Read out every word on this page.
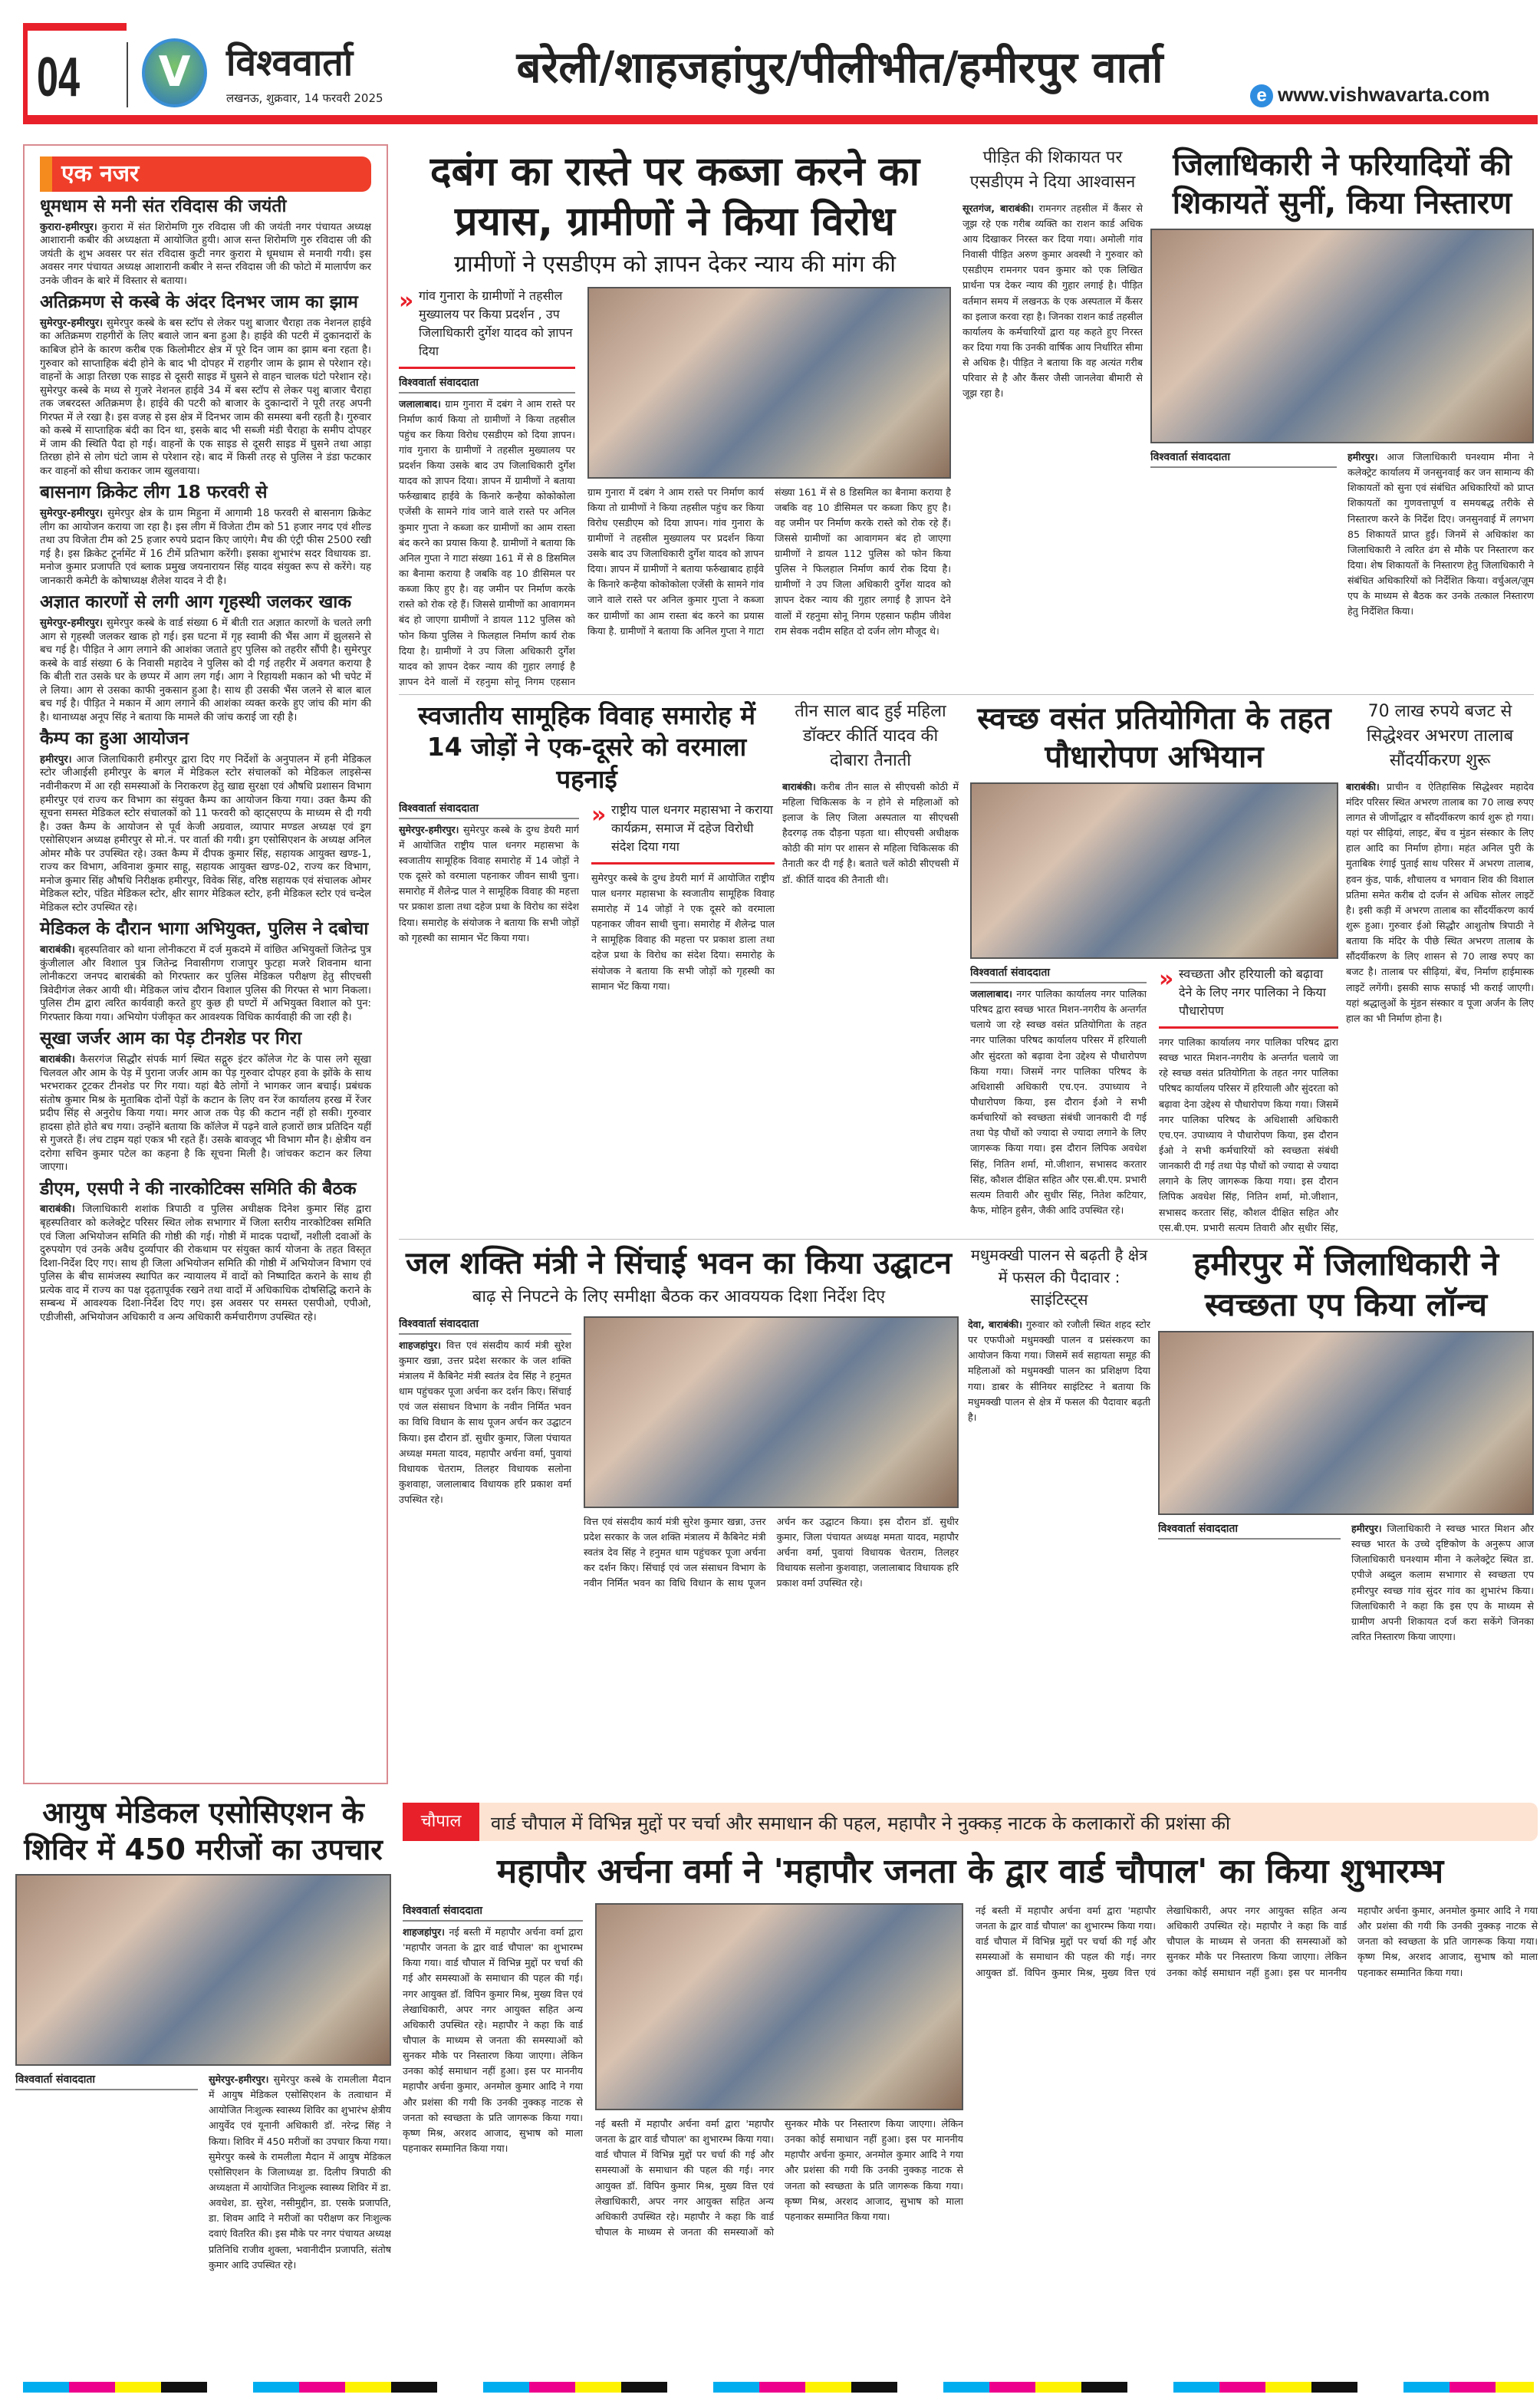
04	V विश्ववार्ता
लखनऊ, शुक्रवार, 14 फरवरी 2025
बरेली/शाहजहांपुर/पीलीभीत/हमीरपुर वार्ता
e www.vishwavarta.com
एक नजर
धूमधाम से मनी संत रविदास की जयंती

कुरारा-हमीरपुर। कुरारा में संत शिरोमणि गुरु रविदास जी की जयंती नगर पंचायत अध्यक्ष आशारानी कबीर की अध्यक्षता में आयोजित हुयी। आज सन्त शिरोमणि गुरु रविदास जी की जयंती के शुभ अवसर पर संत रविदास कुटी नगर कुरारा मे धूमधाम से मनायी गयी। इस अवसर नगर पंचायत अध्यक्ष आशारानी कबीर ने सन्त रविदास जी की फोटो में मालार्पण कर उनके जीवन के बारे में विस्तार से बताया।

अतिक्रमण से कस्बे के अंदर दिनभर जाम का झाम

सुमेरपुर-हमीरपुर। सुमेरपुर कस्बे के बस स्टॉप से लेकर पशु बाजार चैराहा तक नेशनल हाईवे का अतिक्रमण राहगीरों के लिए बवाले जान बना हुआ है। हाईवे की पटरी में दुकानदारों के काबिज होने के कारण करीब एक किलोमीटर क्षेत्र में पूरे दिन जाम का झाम बना रहता है। गुरुवार को साप्ताहिक बंदी होने के बाद भी दोपहर में राहगीर जाम के झाम से परेशान रहे। वाहनों के आड़ा तिरछा एक साइड से दूसरी साइड में घुसने से वाहन चालक घंटो परेशान रहे। सुमेरपुर कस्बे के मध्य से गुजरे नेशनल हाईवे 34 में बस स्टॉप से लेकर पशु बाजार चैराहा तक जबरदस्त अतिक्रमण है। हाईवे की पटरी को बाजार के दुकान्दारों ने पूरी तरह अपनी गिरफ्त में ले रखा है। इस वजह से इस क्षेत्र में दिनभर जाम की समस्या बनी रहती है। गुरुवार को कस्बे में साप्ताहिक बंदी का दिन था, इसके बाद भी सब्जी मंडी चैराहा के समीप दोपहर में जाम की स्थिति पैदा हो गई। वाहनों के एक साइड से दूसरी साइड में घुसने तथा आड़ा तिरछा होने से लोग घंटो जाम से परेशान रहे। बाद में किसी तरह से पुलिस ने डंडा फटकार कर वाहनों को सीधा कराकर जाम खुलवाया।

बासनाग क्रिकेट लीग 18 फरवरी से

सुमेरपुर-हमीरपुर। सुमेरपुर क्षेत्र के ग्राम मिहुना में आगामी 18 फरवरी से बासनाग क्रिकेट लीग का आयोजन कराया जा रहा है। इस लीग में विजेता टीम को 51 हजार नगद एवं शील्ड तथा उप विजेता टीम को 25 हजार रुपये प्रदान किए जाएंगे। मैच की एंट्री फीस 2500 रखी गई है। इस क्रिकेट टूर्नामेंट में 16 टीमें प्रतिभाग करेंगी। इसका शुभारंभ सदर विधायक डा. मनोज कुमार प्रजापति एवं ब्लाक प्रमुख जयनारायन सिंह यादव संयुक्त रूप से करेंगे। यह जानकारी कमेटी के कोषाध्यक्ष शैलेश यादव ने दी है।

अज्ञात कारणों से लगी आग गृहस्थी जलकर खाक

सुमेरपुर-हमीरपुर। सुमेरपुर कस्बे के वार्ड संख्या 6 में बीती रात अज्ञात कारणों के चलते लगी आग से गृहस्थी जलकर खाक हो गई। इस घटना में गृह स्वामी की भैंस आग में झुलसने से बच गई है। पीड़ित ने आग लगाने की आशंका जताते हुए पुलिस को तहरीर सौंपी है। सुमेरपुर कस्बे के वार्ड संख्या 6 के निवासी महादेव ने पुलिस को दी गई तहरीर में अवगत कराया है कि बीती रात उसके घर के छप्पर में आग लग गई। आग ने रिहायशी मकान को भी चपेट में ले लिया। आग से उसका काफी नुकसान हुआ है। साथ ही उसकी भैंस जलने से बाल बाल बच गई है। पीड़ित ने मकान में आग लगाने की आशंका व्यक्त करके हुए जांच की मांग की है। थानाध्यक्ष अनूप सिंह ने बताया कि मामले की जांच कराई जा रही है।

कैम्प का हुआ आयोजन

हमीरपुर। आज जिलाधिकारी हमीरपुर द्वारा दिए गए निर्देशों के अनुपालन में हनी मेडिकल स्टोर जीआईसी हमीरपुर के बगल में मेडिकल स्टोर संचालकों को मेडिकल लाइसेन्स नवीनीकरण में आ रही समस्याओं के निराकरण हेतु खाद्य सुरक्षा एवं औषधि प्रशासन विभाग हमीरपुर एवं राज्य कर विभाग का संयुक्त कैम्प का आयोजन किया गया। उक्त कैम्प की सूचना समस्त मेडिकल स्टोर संचालकों को 11 फरवरी को व्हाट्सएप्प के माध्यम से दी गयी है। उक्त कैम्प के आयोजन से पूर्व केजी अग्रवाल, व्यापार मण्डल अध्यक्ष एवं ड्रग एसोसिएशन अध्यक्ष हमीरपुर से मो.नं. पर वार्ता की गयी। ड्रग एसोसिएशन के अध्यक्ष अनिल ओमर मौके पर उपस्थित रहे। उक्त कैम्प में दीपक कुमार सिंह, सहायक आयुक्त खण्ड-1, राज्य कर विभाग, अविनाश कुमार साहू, सहायक आयुक्त खण्ड-02, राज्य कर विभाग, मनोज कुमार सिंह औषधि निरीक्षक हमीरपुर, विवेक सिंह, वरिष्ठ सहायक एवं संचालक ओमर मेडिकल स्टोर, पंडित मेडिकल स्टोर, क्षीर सागर मेडिकल स्टोर, हनी मेडिकल स्टोर एवं चन्देल मेडिकल स्टोर उपस्थित रहे।

मेडिकल के दौरान भागा अभियुक्त, पुलिस ने दबोचा

बाराबंकी। बृहस्पतिवार को थाना लोनीकटरा में दर्ज मुकदमे में वांछित अभियुक्तों जितेन्द्र पुत्र कुंजीलाल और विशाल पुत्र जितेन्द्र निवासीगण राजापुर फुटहा मजरे शिवनाम थाना लोनीकटरा जनपद बाराबंकी को गिरफ्तार कर पुलिस मेडिकल परीक्षण हेतु सीएचसी त्रिवेदीगंज लेकर आयी थी। मेडिकल जांच दौरान विशाल पुलिस की गिरफ्त से भाग निकला। पुलिस टीम द्वारा त्वरित कार्यवाही करते हुए कुछ ही घण्टों में अभियुक्त विशाल को पुन: गिरफ्तार किया गया। अभियोग पंजीकृत कर आवश्यक विधिक कार्यवाही की जा रही है।

सूखा जर्जर आम का पेड़ टीनशेड पर गिरा

बाराबंकी। कैसरगंज सिद्धौर संपर्क मार्ग स्थित सद्गुरु इंटर कॉलेज गेट के पास लगे सूखा चिलवल और आम के पेड़ में पुराना जर्जर आम का पेड़ गुरुवार दोपहर हवा के झोंके के साथ भरभराकर टूटकर टीनशेड पर गिर गया। यहां बैठे लोगों ने भागकर जान बचाई। प्रबंधक संतोष कुमार मिश्र के मुताबिक दोनों पेड़ों के कटान के लिए वन रेंज कार्यालय हरख में रेंजर प्रदीप सिंह से अनुरोध किया गया। मगर आज तक पेड़ की कटान नहीं हो सकी। गुरुवार हादसा होते होते बच गया। उन्होंने बताया कि कॉलेज में पढ़ने वाले हजारों छात्र प्रतिदिन यहीं से गुजरते हैं। लंच टाइम यहां एकत्र भी रहते हैं। उसके बावजूद भी विभाग मौन है। क्षेत्रीय वन दरोगा सचिन कुमार पटेल का कहना है कि सूचना मिली है। जांचकर कटान कर लिया जाएगा।

डीएम, एसपी ने की नारकोटिक्स समिति की बैठक

बाराबंकी। जिलाधिकारी शशांक त्रिपाठी व पुलिस अधीक्षक दिनेश कुमार सिंह द्वारा बृहस्पतिवार को कलेक्ट्रेट परिसर स्थित लोक सभागार में जिला स्तरीय नारकोटिक्स समिति एवं जिला अभियोजन समिति की गोष्ठी की गई। गोष्ठी में मादक पदार्थों, नशीली दवाओं के दुरुपयोग एवं उनके अवैध दुर्व्यापार की रोकथाम पर संयुक्त कार्य योजना के तहत विस्तृत दिशा-निर्देश दिए गए। साथ ही जिला अभियोजन समिति की गोष्ठी में अभियोजन विभाग एवं पुलिस के बीच सामंजस्य स्थापित कर न्यायालय में वादों को निष्पादित कराने के साथ ही प्रत्येक वाद में राज्य का पक्ष दृढ़तापूर्वक रखने तथा वादों में अधिकाधिक दोषसिद्धि कराने के सम्बन्ध में आवश्यक दिशा-निर्देश दिए गए। इस अवसर पर समस्त एसपीओ, एपीओ, एडीजीसी, अभियोजन अधिकारी व अन्य अधिकारी कर्मचारीगण उपस्थित रहे।

दबंग का रास्ते पर कब्जा करने का प्रयास, ग्रामीणों ने किया विरोध
ग्रामीणों ने एसडीएम को ज्ञापन देकर न्याय की मांग की
» गांव गुनारा के ग्रामीणों ने तहसील मुख्यालय पर किया प्रदर्शन , उप जिलाधिकारी दुर्गेश यादव को ज्ञापन दिया
विश्ववार्ता संवाददाता
जलालाबाद। ग्राम गुनारा में दबंग ने आम रास्ते पर निर्माण कार्य किया तो ग्रामीणों ने किया तहसील पहुंच कर किया विरोध एसडीएम को दिया ज्ञापन। गांव गुनारा के ग्रामीणों ने तहसील मुख्यालय पर प्रदर्शन किया उसके बाद उप जिलाधिकारी दुर्गेश यादव को ज्ञापन दिया। ज्ञापन में ग्रामीणों ने बताया फर्रुखाबाद हाईवे के किनारे कन्हैया कोकोकोला एजेंसी के सामने गांव जाने वाले रास्ते पर अनिल कुमार गुप्ता ने कब्जा कर ग्रामीणों का आम रास्ता बंद करने का प्रयास किया है. ग्रामीणों ने बताया कि अनिल गुप्ता ने गाटा संख्या 161 में से 8 डिसमिल का बैनामा कराया है जबकि वह 10 डीसिमल पर कब्जा किए हुए है। वह जमीन पर निर्माण करके रास्ते को रोक रहे हैं। जिससे ग्रामीणों का आवागमन बंद हो जाएगा ग्रामीणों ने डायल 112 पुलिस को फोन किया पुलिस ने फिलहाल निर्माण कार्य रोक दिया है। ग्रामीणों ने उप जिला अधिकारी दुर्गेश यादव को ज्ञापन देकर न्याय की गुहार लगाई है ज्ञापन देने वालों में रहनुमा सोनू निगम एहसान
ग्राम गुनारा में दबंग ने आम रास्ते पर निर्माण कार्य किया तो ग्रामीणों ने किया तहसील पहुंच कर किया विरोध एसडीएम को दिया ज्ञापन। गांव गुनारा के ग्रामीणों ने तहसील मुख्यालय पर प्रदर्शन किया उसके बाद उप जिलाधिकारी दुर्गेश यादव को ज्ञापन दिया। ज्ञापन में ग्रामीणों ने बताया फर्रुखाबाद हाईवे के किनारे कन्हैया कोकोकोला एजेंसी के सामने गांव जाने वाले रास्ते पर अनिल कुमार गुप्ता ने कब्जा कर ग्रामीणों का आम रास्ता बंद करने का प्रयास किया है. ग्रामीणों ने बताया कि अनिल गुप्ता ने गाटा संख्या 161 में से 8 डिसमिल का बैनामा कराया है जबकि वह 10 डीसिमल पर कब्जा किए हुए है। वह जमीन पर निर्माण करके रास्ते को रोक रहे हैं। जिससे ग्रामीणों का आवागमन बंद हो जाएगा ग्रामीणों ने डायल 112 पुलिस को फोन किया पुलिस ने फिलहाल निर्माण कार्य रोक दिया है। ग्रामीणों ने उप जिला अधिकारी दुर्गेश यादव को ज्ञापन देकर न्याय की गुहार लगाई है ज्ञापन देने वालों में रहनुमा सोनू निगम एहसान फहीम जीवेश राम सेवक नदीम सहित दो दर्जन लोग मौजूद थे।
पीड़ित की शिकायत पर एसडीएम ने दिया आश्वासन
सूरतगंज, बाराबंकी। रामनगर तहसील में कैंसर से जूझ रहे एक गरीब व्यक्ति का राशन कार्ड अधिक आय दिखाकर निरस्त कर दिया गया। अमोली गांव निवासी पीड़ित अरुण कुमार अवस्थी ने गुरुवार को एसडीएम रामनगर पवन कुमार को एक लिखित प्रार्थना पत्र देकर न्याय की गुहार लगाई है। पीड़ित वर्तमान समय में लखनऊ के एक अस्पताल में कैंसर का इलाज करवा रहा है। जिनका राशन कार्ड तहसील कार्यालय के कर्मचारियों द्वारा यह कहते हुए निरस्त कर दिया गया कि उनकी वार्षिक आय निर्धारित सीमा से अधिक है। पीड़ित ने बताया कि वह अत्यंत गरीब परिवार से है और कैंसर जैसी जानलेवा बीमारी से जूझ रहा है।
जिलाधिकारी ने फरियादियों की शिकायतें सुनीं, किया निस्तारण
विश्ववार्ता संवाददाता	हमीरपुर। आज जिलाधिकारी घनश्याम मीना ने कलेक्ट्रेट कार्यालय में जनसुनवाई कर जन सामान्य की शिकायतों को सुना एवं संबंधित अधिकारियों को प्राप्त शिकायतों का गुणवत्तापूर्ण व समयबद्ध तरीके से निस्तारण करने के निर्देश दिए। जनसुनवाई में लगभग 85 शिकायतें प्राप्त हुईं। जिनमें से अधिकांश का जिलाधिकारी ने त्वरित ढंग से मौके पर निस्तारण कर दिया। शेष शिकायतों के निस्तारण हेतु जिलाधिकारी ने संबंधित अधिकारियों को निर्देशित किया। वर्चुअल/ज़ूम एप के माध्यम से बैठक कर उनके तत्काल निस्तारण हेतु निर्देशित किया।
स्वजातीय सामूहिक विवाह समारोह में 14 जोड़ों ने एक-दूसरे को वरमाला पहनाई
विश्ववार्ता संवाददाता
सुमेरपुर-हमीरपुर। सुमेरपुर कस्बे के दुग्ध डेयरी मार्ग में आयोजित राष्ट्रीय पाल धनगर महासभा के स्वजातीय सामूहिक विवाह समारोह में 14 जोड़ों ने एक दूसरे को वरमाला पहनाकर जीवन साथी चुना। समारोह में शैलेन्द्र पाल ने सामूहिक विवाह की महत्ता पर प्रकाश डाला तथा दहेज प्रथा के विरोध का संदेश दिया। समारोह के संयोजक ने बताया कि सभी जोड़ों को गृहस्थी का सामान भेंट किया गया।
» राष्ट्रीय पाल धनगर महासभा ने कराया कार्यक्रम, समाज में दहेज विरोधी संदेश दिया गया
सुमेरपुर कस्बे के दुग्ध डेयरी मार्ग में आयोजित राष्ट्रीय पाल धनगर महासभा के स्वजातीय सामूहिक विवाह समारोह में 14 जोड़ों ने एक दूसरे को वरमाला पहनाकर जीवन साथी चुना। समारोह में शैलेन्द्र पाल ने सामूहिक विवाह की महत्ता पर प्रकाश डाला तथा दहेज प्रथा के विरोध का संदेश दिया। समारोह के संयोजक ने बताया कि सभी जोड़ों को गृहस्थी का सामान भेंट किया गया।
तीन साल बाद हुई महिला डॉक्टर कीर्ति यादव की दोबारा तैनाती
बाराबंकी। करीब तीन साल से सीएचसी कोठी में महिला चिकित्सक के न होने से महिलाओं को इलाज के लिए जिला अस्पताल या सीएचसी हैदरगढ़ तक दौड़ना पड़ता था। सीएचसी अधीक्षक कोठी की मांग पर शासन से महिला चिकित्सक की तैनाती कर दी गई है। बताते चलें कोठी सीएचसी में डॉ. कीर्ति यादव की तैनाती थी।
स्वच्छ वसंत प्रतियोगिता के तहत पौधारोपण अभियान
विश्ववार्ता संवाददाता
जलालाबाद। नगर पालिका कार्यालय नगर पालिका परिषद द्वारा स्वच्छ भारत मिशन-नगरीय के अन्तर्गत चलाये जा रहे स्वच्छ वसंत प्रतियोगिता के तहत नगर पालिका परिषद कार्यालय परिसर में हरियाली और सुंदरता को बढ़ावा देना उद्देश्य से पौधारोपण किया गया। जिसमें नगर पालिका परिषद के अधिशासी अधिकारी एच.एन. उपाध्याय ने पौधारोपण किया, इस दौरान ईओ ने सभी कर्मचारियों को स्वच्छता संबंधी जानकारी दी गई तथा पेड़ पौधों को ज्यादा से ज्यादा लगाने के लिए जागरूक किया गया। इस दौरान लिपिक अवधेश सिंह, नितिन शर्मा, मो.जीशान, सभासद करतार सिंह, कौशल दीक्षित सहित और एस.बी.एम. प्रभारी सत्यम तिवारी और सुधीर सिंह, नितेश कटियार, कैफ, मोहिन हुसैन, जैकी आदि उपस्थित रहे।
» स्वच्छता और हरियाली को बढ़ावा देने के लिए नगर पालिका ने किया पौधारोपण
नगर पालिका कार्यालय नगर पालिका परिषद द्वारा स्वच्छ भारत मिशन-नगरीय के अन्तर्गत चलाये जा रहे स्वच्छ वसंत प्रतियोगिता के तहत नगर पालिका परिषद कार्यालय परिसर में हरियाली और सुंदरता को बढ़ावा देना उद्देश्य से पौधारोपण किया गया। जिसमें नगर पालिका परिषद के अधिशासी अधिकारी एच.एन. उपाध्याय ने पौधारोपण किया, इस दौरान ईओ ने सभी कर्मचारियों को स्वच्छता संबंधी जानकारी दी गई तथा पेड़ पौधों को ज्यादा से ज्यादा लगाने के लिए जागरूक किया गया। इस दौरान लिपिक अवधेश सिंह, नितिन शर्मा, मो.जीशान, सभासद करतार सिंह, कौशल दीक्षित सहित और एस.बी.एम. प्रभारी सत्यम तिवारी और सुधीर सिंह,
70 लाख रुपये बजट से सिद्धेश्वर अभरण तालाब सौंदर्यीकरण शुरू
बाराबंकी। प्राचीन व ऐतिहासिक सिद्धेश्वर महादेव मंदिर परिसर स्थित अभरण तालाब का 70 लाख रुपए लागत से जीर्णोद्धार व सौंदर्यीकरण कार्य शुरू हो गया। यहां पर सीढ़ियां, लाइट, बेंच व मुंडन संस्कार के लिए हाल आदि का निर्माण होगा। महंत अनिल पुरी के मुताबिक रंगाई पुताई साथ परिसर में अभरण तालाब, हवन कुंड, पार्क, शौचालय व भगवान शिव की विशाल प्रतिमा समेत करीब दो दर्जन से अधिक सोलर लाइटें है। इसी कड़ी में अभरण तालाब का सौंदर्यीकरण कार्य शुरू हुआ। गुरुवार ईओ सिद्धौर आशुतोष त्रिपाठी ने बताया कि मंदिर के पीछे स्थित अभरण तालाब के सौंदर्यीकरण के लिए शासन से 70 लाख रुपए का बजट है। तालाब पर सीढ़ियां, बेंच, निर्माण हाईमास्क लाइटें लगेंगी। इसकी साफ सफाई भी कराई जाएगी। यहां श्रद्धालुओं के मुंडन संस्कार व पूजा अर्जन के लिए हाल का भी निर्माण होना है।
जल शक्ति मंत्री ने सिंचाई भवन का किया उद्घाटन
बाढ़ से निपटने के लिए समीक्षा बैठक कर आवययक दिशा निर्देश दिए
विश्ववार्ता संवाददाता
शाहजहांपुर। वित्त एवं संसदीय कार्य मंत्री सुरेश कुमार खन्ना, उत्तर प्रदेश सरकार के जल शक्ति मंत्रालय में कैबिनेट मंत्री स्वतंत्र देव सिंह ने हनुमत धाम पहुंचकर पूजा अर्चना कर दर्शन किए। सिंचाई एवं जल संसाधन विभाग के नवीन निर्मित भवन का विधि विधान के साथ पूजन अर्चन कर उद्घाटन किया। इस दौरान डॉ. सुधीर कुमार, जिला पंचायत अध्यक्ष ममता यादव, महापौर अर्चना वर्मा, पुवायां विधायक चेतराम, तिलहर विधायक सलोना कुशवाहा, जलालाबाद विधायक हरि प्रकाश वर्मा उपस्थित रहे।
वित्त एवं संसदीय कार्य मंत्री सुरेश कुमार खन्ना, उत्तर प्रदेश सरकार के जल शक्ति मंत्रालय में कैबिनेट मंत्री स्वतंत्र देव सिंह ने हनुमत धाम पहुंचकर पूजा अर्चना कर दर्शन किए। सिंचाई एवं जल संसाधन विभाग के नवीन निर्मित भवन का विधि विधान के साथ पूजन अर्चन कर उद्घाटन किया। इस दौरान डॉ. सुधीर कुमार, जिला पंचायत अध्यक्ष ममता यादव, महापौर अर्चना वर्मा, पुवायां विधायक चेतराम, तिलहर विधायक सलोना कुशवाहा, जलालाबाद विधायक हरि प्रकाश वर्मा उपस्थित रहे।
मधुमक्खी पालन से बढ़ती है क्षेत्र में फसल की पैदावार : साइंटिस्ट्स
देवा, बाराबंकी। गुरुवार को रजौली स्थित शहद स्टोर पर एफपीओ मधुमक्खी पालन व प्रसंस्करण का आयोजन किया गया। जिसमें सर्व सहायता समूह की महिलाओं को मधुमक्खी पालन का प्रशिक्षण दिया गया। डाबर के सीनियर साइंटिस्ट ने बताया कि मधुमक्खी पालन से क्षेत्र में फसल की पैदावार बढ़ती है।
हमीरपुर में जिलाधिकारी ने स्वच्छता एप किया लॉन्च
विश्ववार्ता संवाददाता	हमीरपुर। जिलाधिकारी ने स्वच्छ भारत मिशन और स्वच्छ भारत के उच्चे दृष्टिकोण के अनुरूप आज जिलाधिकारी घनश्याम मीना ने कलेक्ट्रेट स्थित डा. एपीजे अब्दुल कलाम सभागार से स्वच्छता एप हमीरपुर स्वच्छ गांव सुंदर गांव का शुभारंभ किया। जिलाधिकारी ने कहा कि इस एप के माध्यम से ग्रामीण अपनी शिकायत दर्ज करा सकेंगे जिनका त्वरित निस्तारण किया जाएगा।
आयुष मेडिकल एसोसिएशन के शिविर में 450 मरीजों का उपचार
विश्ववार्ता संवाददाता	सुमेरपुर-हमीरपुर। सुमेरपुर कस्बे के रामलीला मैदान में आयुष मेडिकल एसोसिएशन के तत्वाधान में आयोजित निःशुल्क स्वास्थ्य शिविर का शुभारंभ क्षेत्रीय आयुर्वेद एवं यूनानी अधिकारी डॉ. नरेन्द्र सिंह ने किया। शिविर में 450 मरीजों का उपचार किया गया। सुमेरपुर कस्बे के रामलीला मैदान में आयुष मेडिकल एसोसिएशन के जिलाध्यक्ष डा. दिलीप त्रिपाठी की अध्यक्षता में आयोजित निःशुल्क स्वास्थ्य शिविर में डा. अवधेश, डा. सुरेश, नसीमुद्दीन, डा. एसके प्रजापति, डा. शिवम आदि ने मरीजों का परीक्षण कर निःशुल्क दवाएं वितरित की। इस मौके पर नगर पंचायत अध्यक्ष प्रतिनिधि राजीव शुक्ला, भवानीदीन प्रजापति, संतोष कुमार आदि उपस्थित रहे।
चौपाल	वार्ड चौपाल में विभिन्न मुद्दों पर चर्चा और समाधान की पहल, महापौर ने नुक्कड़ नाटक के कलाकारों की प्रशंसा की
महापौर अर्चना वर्मा ने 'महापौर जनता के द्वार वार्ड चौपाल' का किया शुभारम्भ
विश्ववार्ता संवाददाता
शाहजहांपुर। नई बस्ती में महापौर अर्चना वर्मा द्वारा 'महापौर जनता के द्वार वार्ड चौपाल' का शुभारम्भ किया गया। वार्ड चौपाल में विभिन्न मुद्दों पर चर्चा की गई और समस्याओं के समाधान की पहल की गई। नगर आयुक्त डॉ. विपिन कुमार मिश्र, मुख्य वित्त एवं लेखाधिकारी, अपर नगर आयुक्त सहित अन्य अधिकारी उपस्थित रहे। महापौर ने कहा कि वार्ड चौपाल के माध्यम से जनता की समस्याओं को सुनकर मौके पर निस्तारण किया जाएगा। लेकिन उनका कोई समाधान नहीं हुआ। इस पर माननीय महापौर अर्चना कुमार, अनमोल कुमार आदि ने गया और प्रशंसा की गयी कि उनकी नुक्कड़ नाटक से जनता को स्वच्छता के प्रति जागरूक किया गया। कृष्ण मिश्र, अरशद आजाद, सुभाष को माला पहनाकर सम्मानित किया गया।
नई बस्ती में महापौर अर्चना वर्मा द्वारा 'महापौर जनता के द्वार वार्ड चौपाल' का शुभारम्भ किया गया। वार्ड चौपाल में विभिन्न मुद्दों पर चर्चा की गई और समस्याओं के समाधान की पहल की गई। नगर आयुक्त डॉ. विपिन कुमार मिश्र, मुख्य वित्त एवं लेखाधिकारी, अपर नगर आयुक्त सहित अन्य अधिकारी उपस्थित रहे। महापौर ने कहा कि वार्ड चौपाल के माध्यम से जनता की समस्याओं को सुनकर मौके पर निस्तारण किया जाएगा। लेकिन उनका कोई समाधान नहीं हुआ। इस पर माननीय महापौर अर्चना कुमार, अनमोल कुमार आदि ने गया और प्रशंसा की गयी कि उनकी नुक्कड़ नाटक से जनता को स्वच्छता के प्रति जागरूक किया गया। कृष्ण मिश्र, अरशद आजाद, सुभाष को माला पहनाकर सम्मानित किया गया।
नई बस्ती में महापौर अर्चना वर्मा द्वारा 'महापौर जनता के द्वार वार्ड चौपाल' का शुभारम्भ किया गया। वार्ड चौपाल में विभिन्न मुद्दों पर चर्चा की गई और समस्याओं के समाधान की पहल की गई। नगर आयुक्त डॉ. विपिन कुमार मिश्र, मुख्य वित्त एवं लेखाधिकारी, अपर नगर आयुक्त सहित अन्य अधिकारी उपस्थित रहे। महापौर ने कहा कि वार्ड चौपाल के माध्यम से जनता की समस्याओं को सुनकर मौके पर निस्तारण किया जाएगा। लेकिन उनका कोई समाधान नहीं हुआ। इस पर माननीय महापौर अर्चना कुमार, अनमोल कुमार आदि ने गया और प्रशंसा की गयी कि उनकी नुक्कड़ नाटक से जनता को स्वच्छता के प्रति जागरूक किया गया। कृष्ण मिश्र, अरशद आजाद, सुभाष को माला पहनाकर सम्मानित किया गया।
